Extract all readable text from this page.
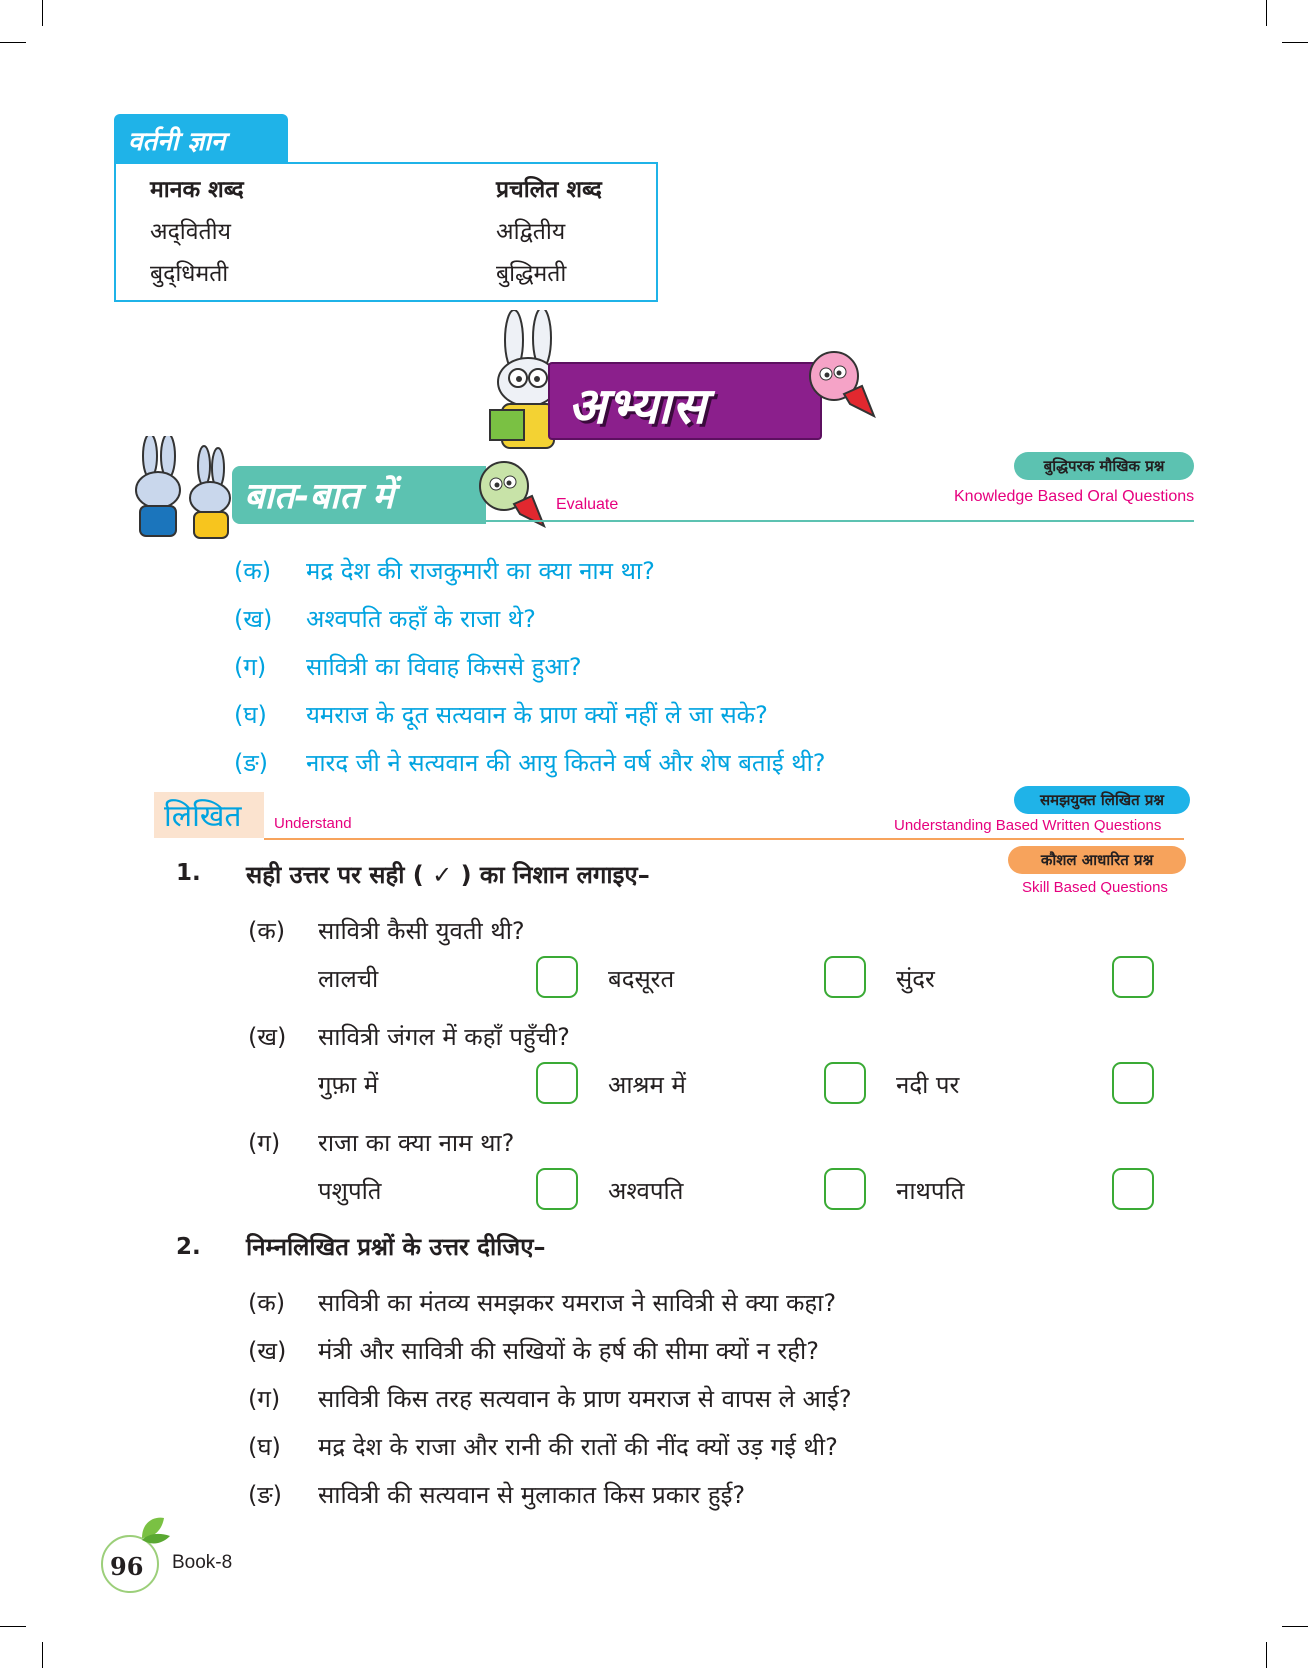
वर्तनी ज्ञान
मानक शब्द	प्रचलित शब्द
अद्‌वितीय	अद्वितीय
बुद्‌धिमती	बुद्धिमती
अभ्यास
बात-बात में	Evaluate
बुद्धिपरक मौखिक प्रश्न
Knowledge Based Oral Questions
(क) मद्र देश की राजकुमारी का क्या नाम था?
(ख) अश्वपति कहाँ के राजा थे?
(ग) सावित्री का विवाह किससे हुआ?
(घ) यमराज के दूत सत्यवान के प्राण क्यों नहीं ले जा सके?
(ङ) नारद जी ने सत्यवान की आयु कितने वर्ष और शेष बताई थी?
लिखित Understand
समझयुक्त लिखित प्रश्न
Understanding Based Written Questions
कौशल आधारित प्रश्न
Skill Based Questions
1. सही उत्तर पर सही ( ✓ ) का निशान लगाइए–
(क) सावित्री कैसी युवती थी?
लालची	बदसूरत	सुंदर
(ख) सावित्री जंगल में कहाँ पहुँची?
गुफ़ा में	आश्रम में	नदी पर
(ग) राजा का क्या नाम था?
पशुपति	अश्वपति	नाथपति
2. निम्नलिखित प्रश्नों के उत्तर दीजिए–
(क) सावित्री का मंतव्य समझकर यमराज ने सावित्री से क्या कहा?
(ख) मंत्री और सावित्री की सखियों के हर्ष की सीमा क्यों न रही?
(ग) सावित्री किस तरह सत्यवान के प्राण यमराज से वापस ले आई?
(घ) मद्र देश के राजा और रानी की रातों की नींद क्यों उड़ गई थी?
(ङ) सावित्री की सत्यवान से मुलाकात किस प्रकार हुई?
96 Book-8
